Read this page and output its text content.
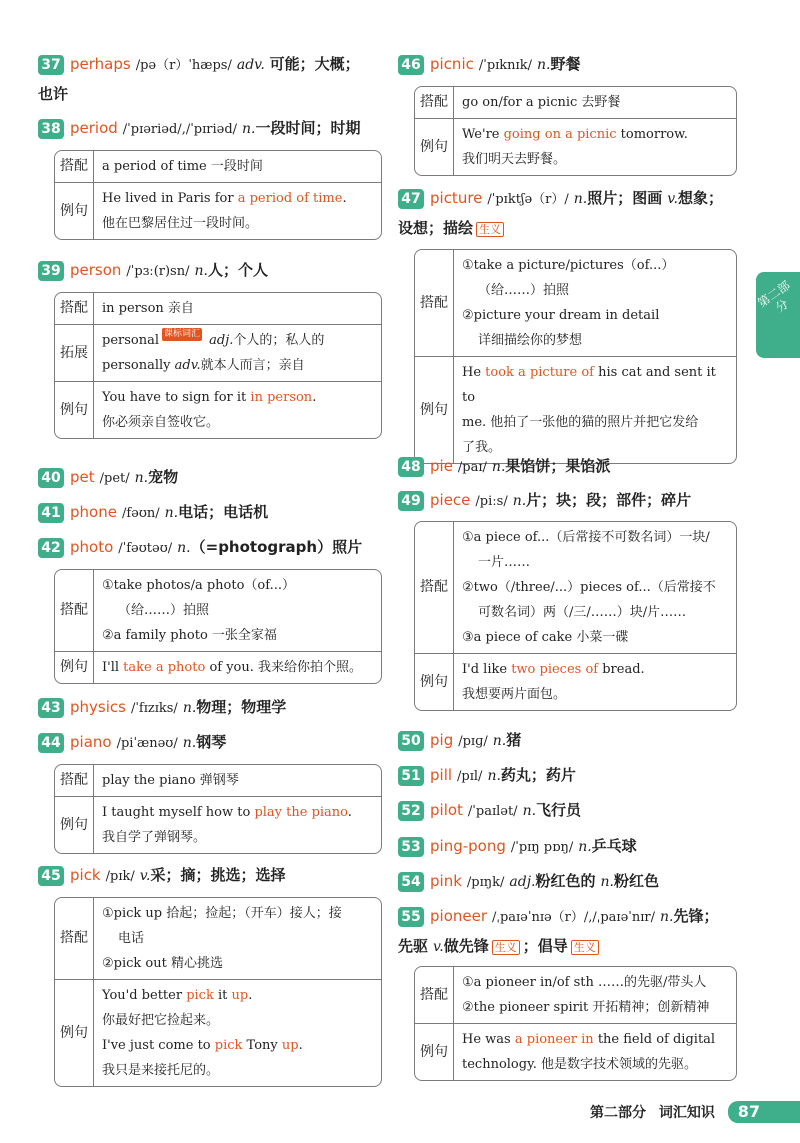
37 perhaps /pə（r）ˈhæps/ adv. 可能；大概；
也许
38 period /ˈpɪəriəd/,/ˈpɪriəd/ n.一段时间；时期
搭配	a period of time 一段时间
例句	He lived in Paris for a period of time.
他在巴黎居住过一段时间。
39 person /ˈpɜː(r)sn/ n.人；个人
搭配	in person 亲自
拓展	personal 课标词汇 adj.个人的；私人的
personally adv.就本人而言；亲自

例句	You have to sign for it in person.
你必须亲自签收它。
40 pet /pet/ n.宠物
41 phone /fəʊn/ n.电话；电话机
42 photo /ˈfəʊtəʊ/ n.（=photograph）照片
搭配	①take photos/a photo（of...）
（给……）拍照
②a family photo 一张全家福

例句	I'll take a photo of you. 我来给你拍个照。
43 physics /ˈfɪzɪks/ n.物理；物理学
44 piano /piˈænəʊ/ n.钢琴
搭配	play the piano 弹钢琴
例句	I taught myself how to play the piano.
我自学了弹钢琴。
45 pick /pɪk/ v.采；摘；挑选；选择
搭配	①pick up 拾起；捡起；（开车）接人；接
电话
②pick out 精心挑选

例句	You'd better pick it up.
你最好把它捡起来。
I've just come to pick Tony up.
我只是来接托尼的。
46 picnic /ˈpɪknɪk/ n.野餐
搭配	go on/for a picnic 去野餐
例句	We're going on a picnic tomorrow.
我们明天去野餐。
47 picture /ˈpɪktʃə（r）/ n.照片；图画 v.想象；
设想；描绘 生义
搭配	①take a picture/pictures（of...）
（给……）拍照
②picture your dream in detail
详细描绘你的梦想

例句	He took a picture of his cat and sent it to
me. 他拍了一张他的猫的照片并把它发给
了我。
48 pie /paɪ/ n.果馅饼；果馅派
49 piece /piːs/ n.片；块；段；部件；碎片
搭配	①a piece of...（后常接不可数名词）一块/
一片……
②two（/three/...）pieces of...（后常接不
可数名词）两（/三/……）块/片……
③a piece of cake 小菜一碟

例句	I'd like two pieces of bread.
我想要两片面包。
50 pig /pɪɡ/ n.猪
51 pill /pɪl/ n.药丸；药片
52 pilot /ˈpaɪlət/ n.飞行员
53 ping-pong /ˈpɪŋ pɒŋ/ n.乒乓球
54 pink /pɪŋk/ adj.粉红色的 n.粉红色
55 pioneer /ˌpaɪəˈnɪə（r）/,/ˌpaɪəˈnɪr/ n.先锋；
先驱 v.做先锋 生义 ；倡导 生义
搭配	①a pioneer in/of sth ……的先驱/带头人
②the pioneer spirit 开拓精神；创新精神

例句	He was a pioneer in the field of digital
technology. 他是数字技术领域的先驱。
第二部分
第二部分 词汇知识 87
